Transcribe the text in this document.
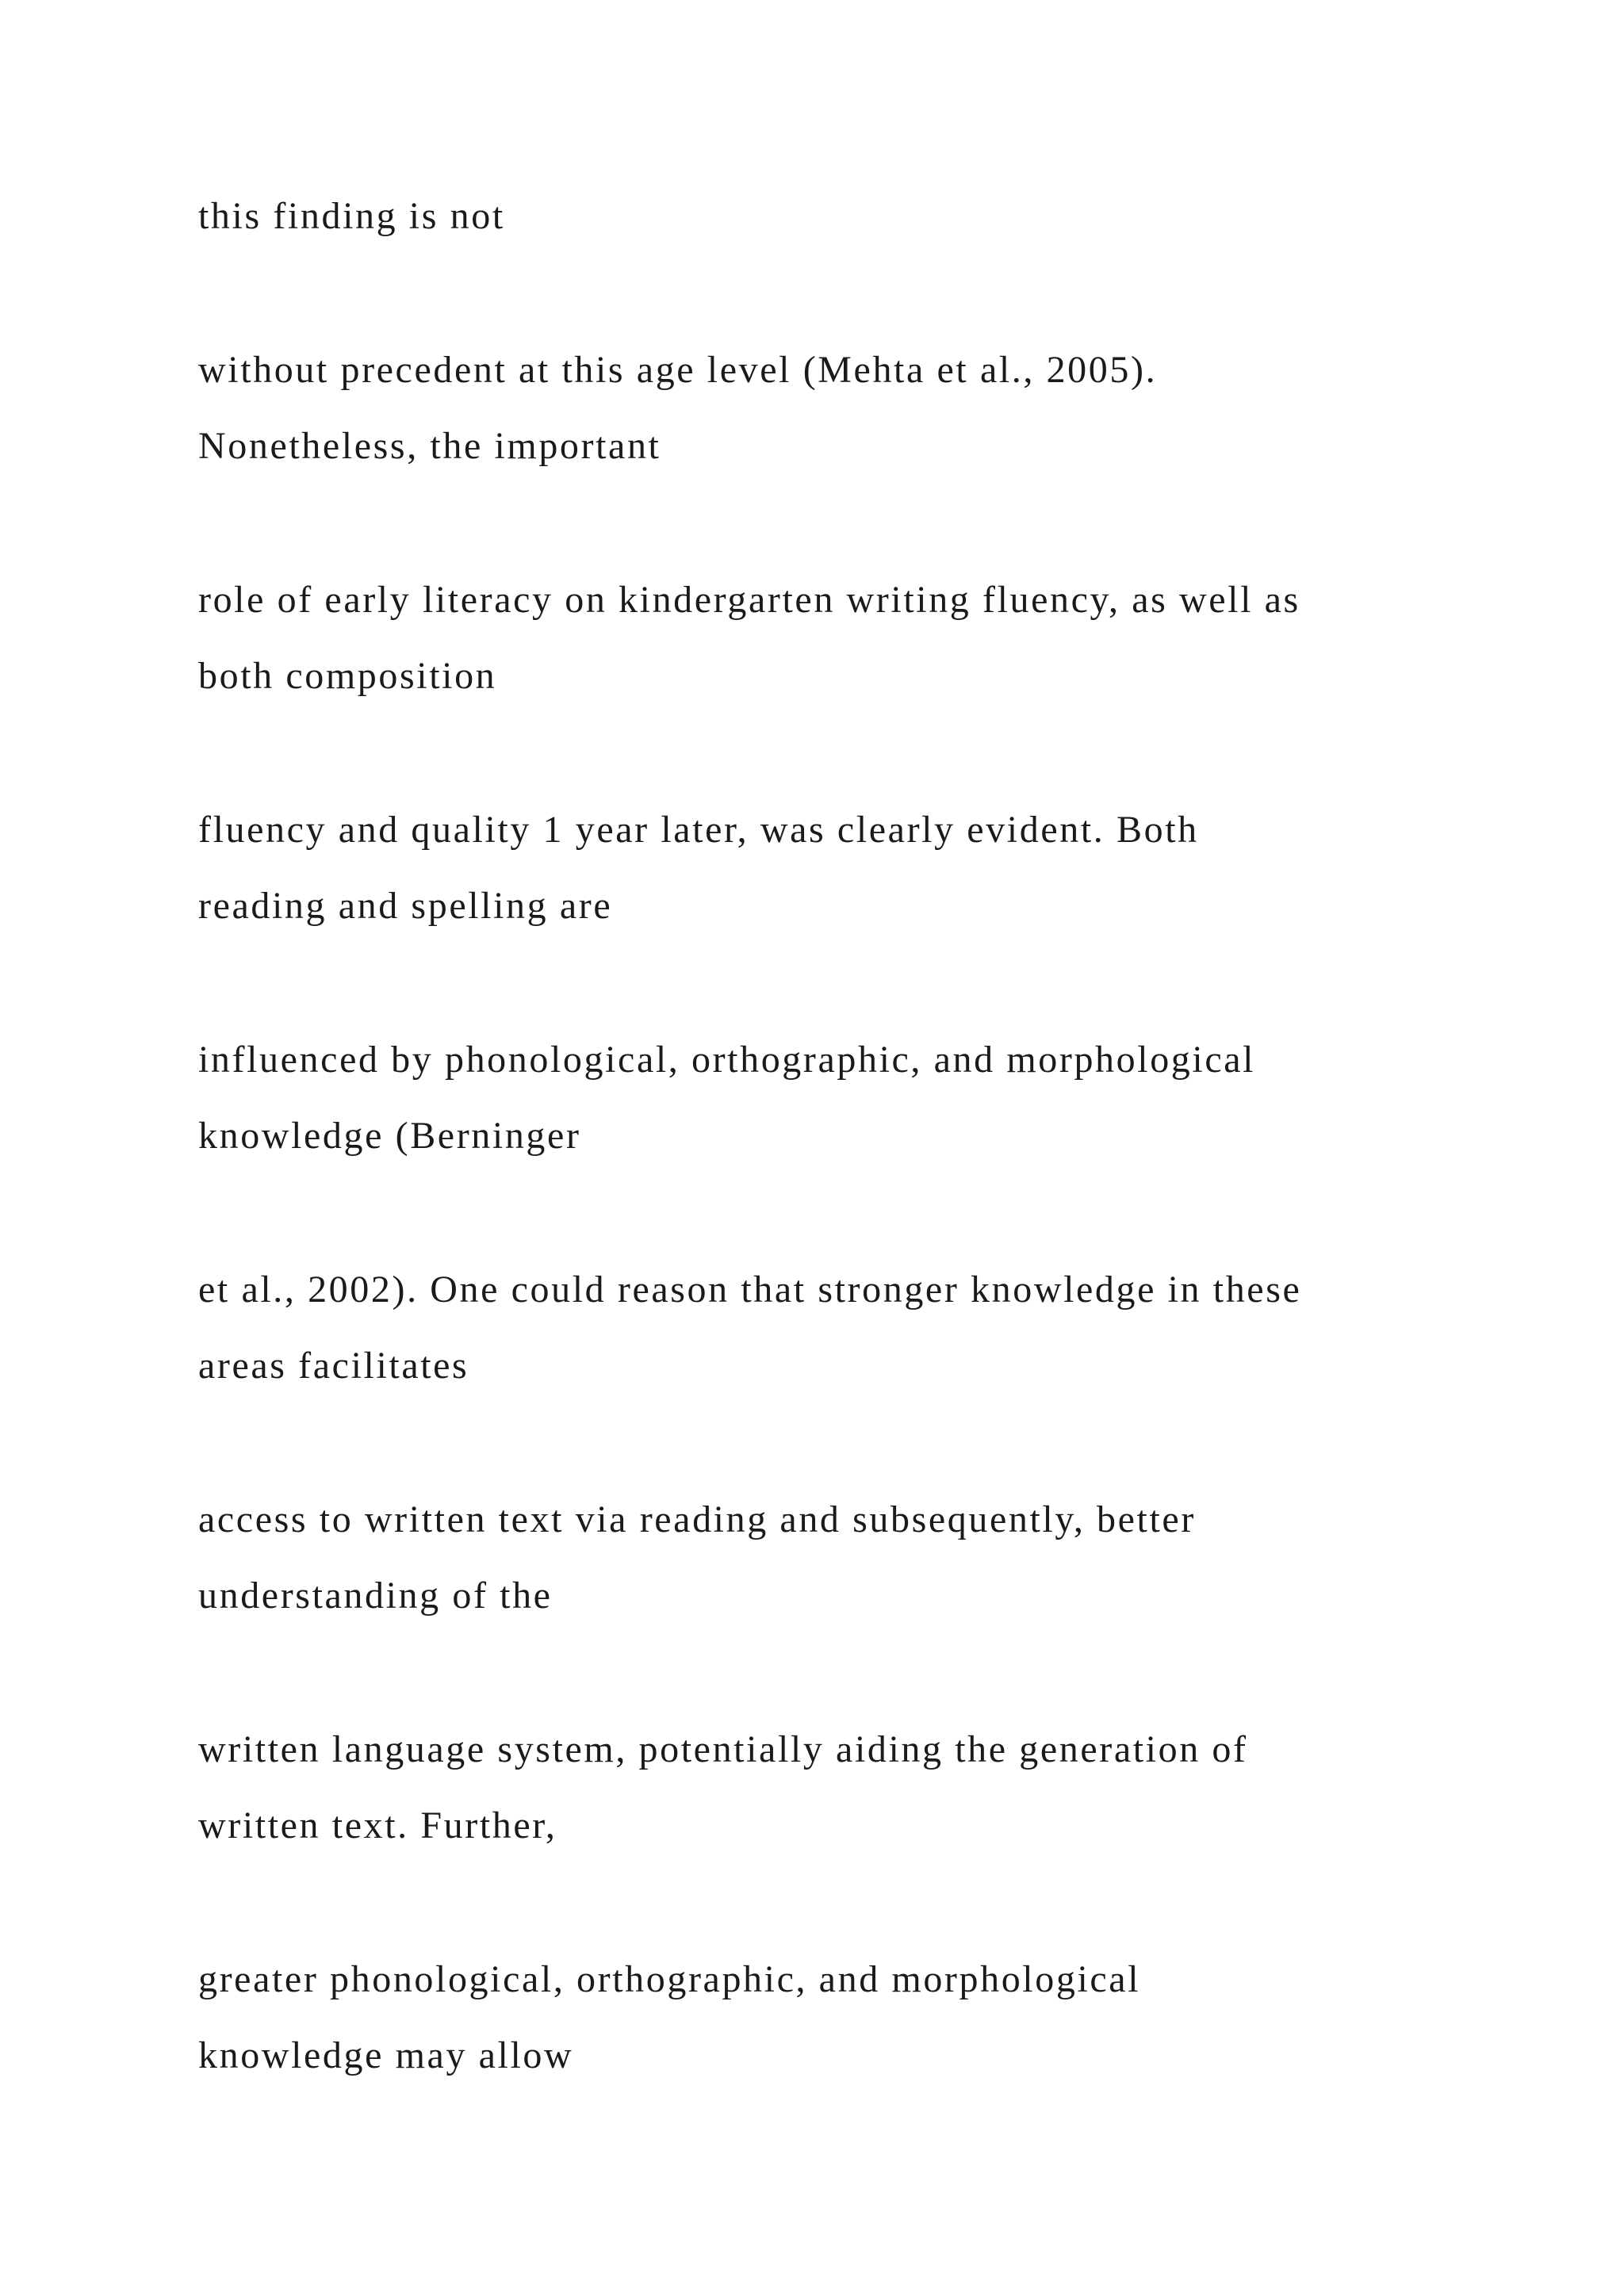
this finding is not

without precedent at this age level (Mehta et al., 2005).
Nonetheless, the important

role of early literacy on kindergarten writing fluency, as well as
both composition

fluency and quality 1 year later, was clearly evident. Both
reading and spelling are

influenced by phonological, orthographic, and morphological
knowledge (Berninger

et al., 2002). One could reason that stronger knowledge in these
areas facilitates

access to written text via reading and subsequently, better
understanding of the

written language system, potentially aiding the generation of
written text. Further,

greater phonological, orthographic, and morphological
knowledge may allow
